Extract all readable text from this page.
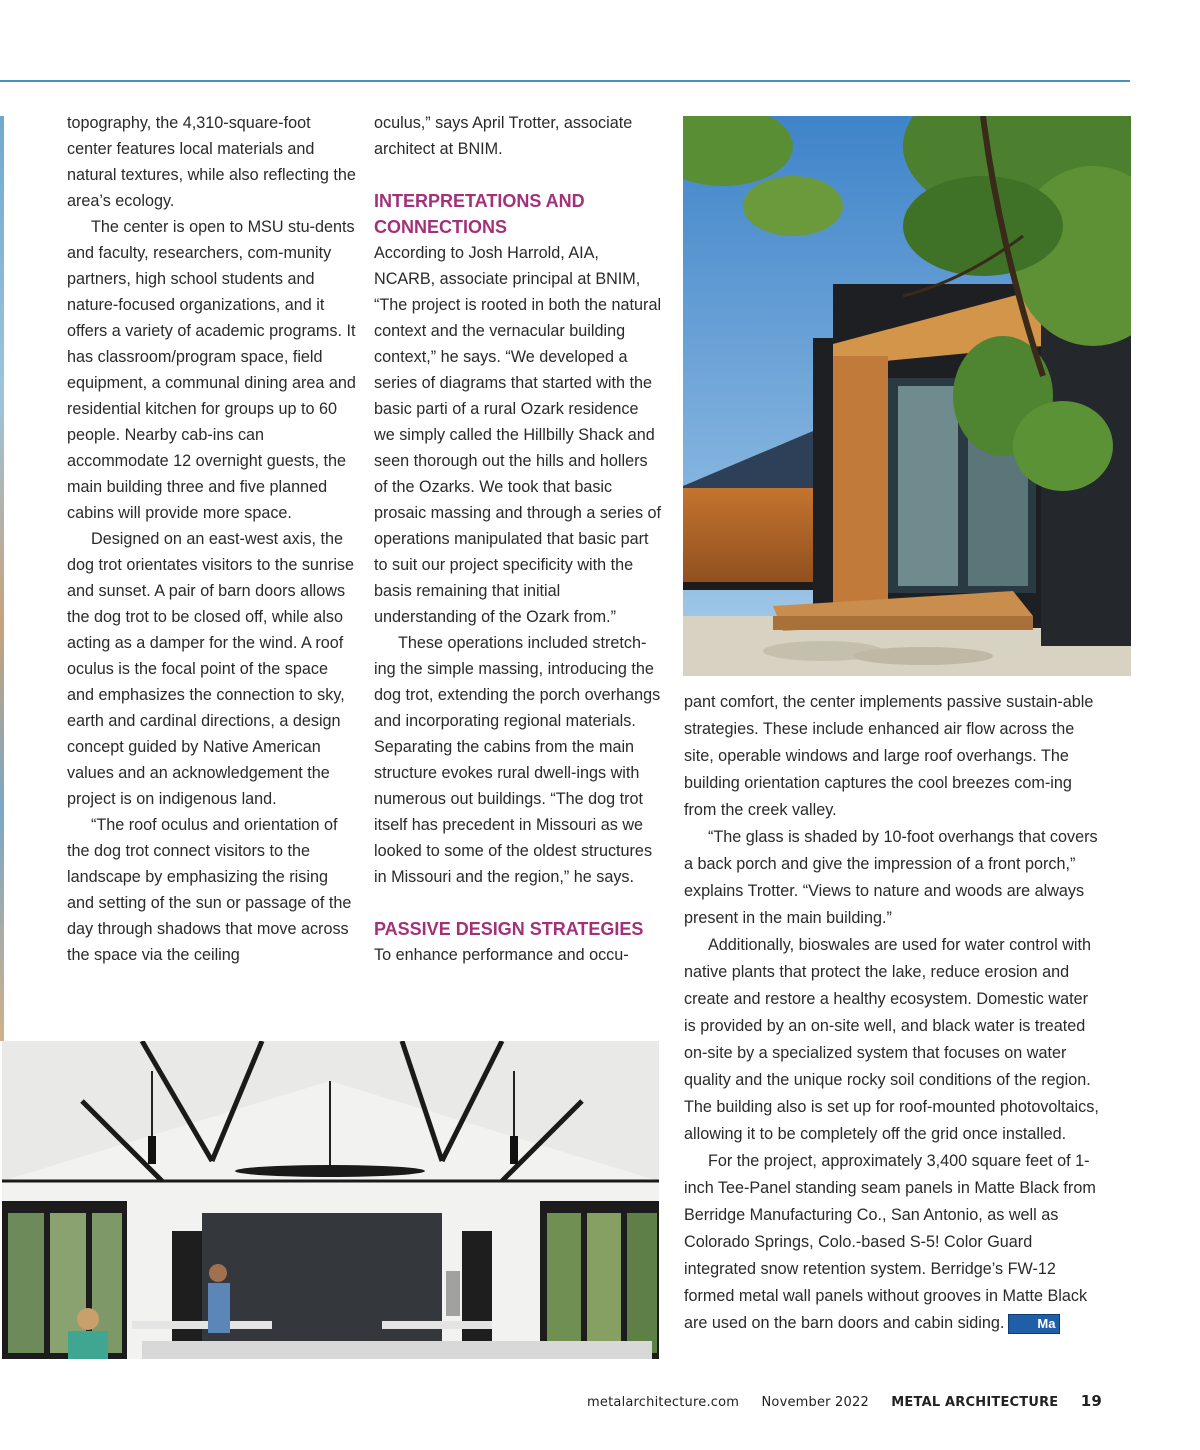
topography, the 4,310-square-foot center features local materials and natural textures, while also reflecting the area’s ecology.

The center is open to MSU stu-dents and faculty, researchers, com-munity partners, high school students and nature-focused organizations, and it offers a variety of academic programs. It has classroom/program space, field equipment, a communal dining area and residential kitchen for groups up to 60 people. Nearby cab-ins can accommodate 12 overnight guests, the main building three and five planned cabins will provide more space.

Designed on an east-west axis, the dog trot orientates visitors to the sunrise and sunset. A pair of barn doors allows the dog trot to be closed off, while also acting as a damper for the wind. A roof oculus is the focal point of the space and emphasizes the connection to sky, earth and cardinal directions, a design concept guided by Native American values and an acknowledgement the project is on indigenous land.

“The roof oculus and orientation of the dog trot connect visitors to the landscape by emphasizing the rising and setting of the sun or passage of the day through shadows that move across the space via the ceiling

oculus,” says April Trotter, associate architect at BNIM.

INTERPRETATIONS AND CONNECTIONS

According to Josh Harrold, AIA, NCARB, associate principal at BNIM, “The project is rooted in both the natural context and the vernacular building context,” he says. “We developed a series of diagrams that started with the basic parti of a rural Ozark residence we simply called the Hillbilly Shack and seen thorough out the hills and hollers of the Ozarks. We took that basic prosaic massing and through a series of operations manipulated that basic part to suit our project specificity with the basis remaining that initial understanding of the Ozark from.”

These operations included stretch-ing the simple massing, introducing the dog trot, extending the porch overhangs and incorporating regional materials. Separating the cabins from the main structure evokes rural dwell-ings with numerous out buildings. “The dog trot itself has precedent in Missouri as we looked to some of the oldest structures in Missouri and the region,” he says.

PASSIVE DESIGN STRATEGIES

To enhance performance and occu-

pant comfort, the center implements passive sustain-able strategies. These include enhanced air flow across the site, operable windows and large roof overhangs. The building orientation captures the cool breezes com-ing from the creek valley.

“The glass is shaded by 10-foot overhangs that covers a back porch and give the impression of a front porch,” explains Trotter. “Views to nature and woods are always present in the main building.”

Additionally, bioswales are used for water control with native plants that protect the lake, reduce erosion and create and restore a healthy ecosystem. Domestic water is provided by an on-site well, and black water is treated on-site by a specialized system that focuses on water quality and the unique rocky soil conditions of the region. The building also is set up for roof-mounted photovoltaics, allowing it to be completely off the grid once installed.

For the project, approximately 3,400 square feet of 1-inch Tee-Panel standing seam panels in Matte Black from Berridge Manufacturing Co., San Antonio, as well as Colorado Springs, Colo.-based S-5! Color Guard integrated snow retention system. Berridge’s FW-12 formed metal wall panels without grooves in Matte Black are used on the barn doors and cabin siding.	Ma

metalarchitecture.com November 2022 METAL ARCHITECTURE 19
